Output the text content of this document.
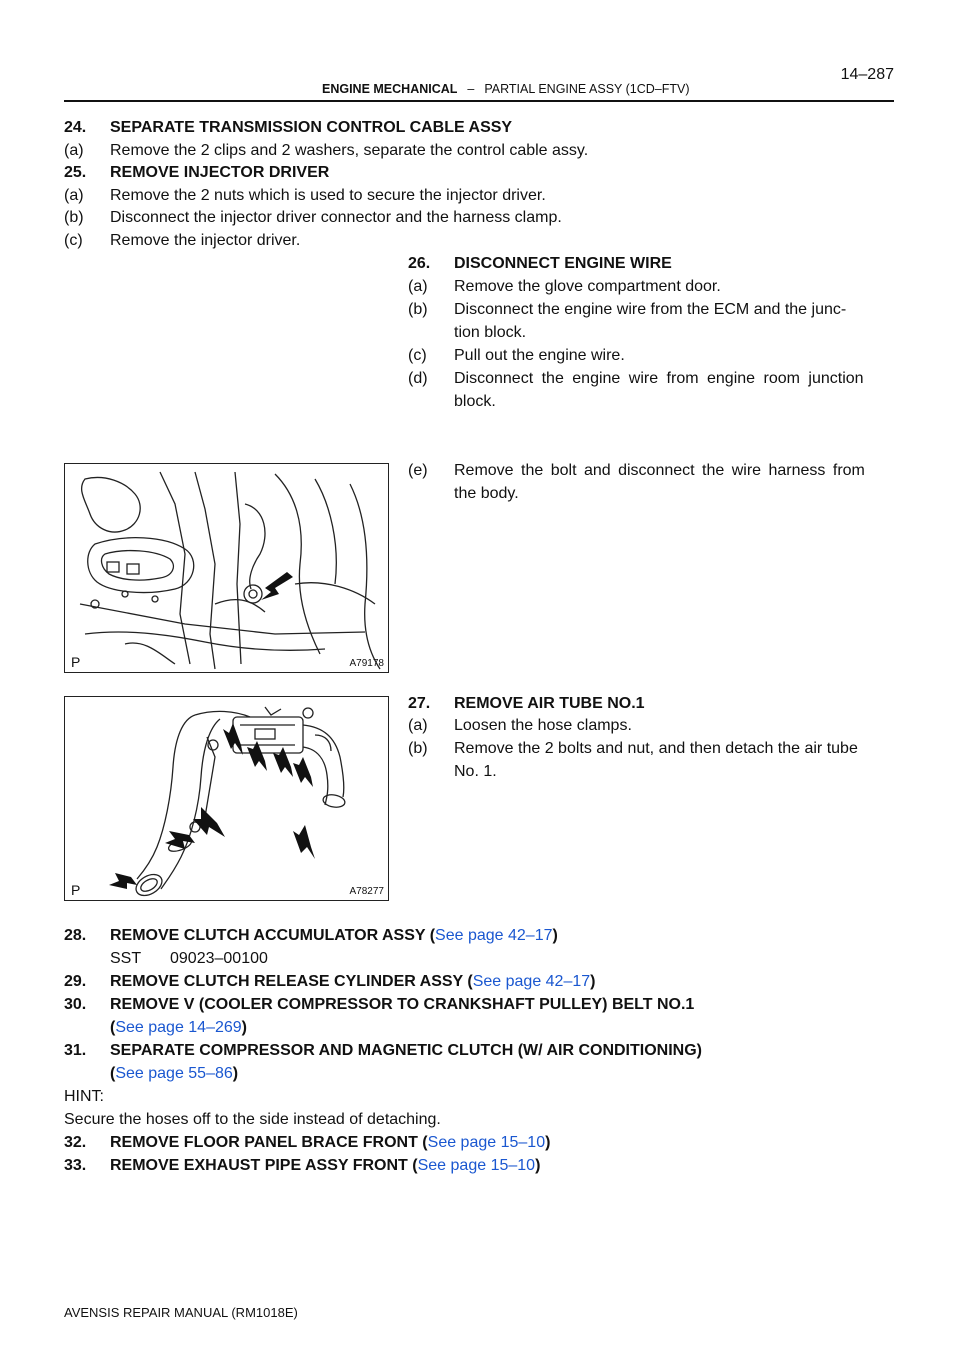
ENGINE MECHANICAL – PARTIAL ENGINE ASSY (1CD–FTV)
14–287
24. SEPARATE TRANSMISSION CONTROL CABLE ASSY
(a) Remove the 2 clips and 2 washers, separate the control cable assy.
25. REMOVE INJECTOR DRIVER
(a) Remove the 2 nuts which is used to secure the injector driver.
(b) Disconnect the injector driver connector and the harness clamp.
(c) Remove the injector driver.
26. DISCONNECT ENGINE WIRE
(a) Remove the glove compartment door.
(b)	Disconnect the engine wire from the ECM and the junc-
tion block.
(c) Pull out the engine wire.
(d) Disconnect the engine wire from engine room junction
block.
(e) Remove the bolt and disconnect the wire harness from
the body.
P	A79178
27. REMOVE AIR TUBE NO.1
(a) Loosen the hose clamps.
(b) Remove the 2 bolts and nut, and then detach the air tube
No. 1.
P	A78277
28. REMOVE CLUTCH ACCUMULATOR ASSY (See page 42–17)
SST 09023–00100
29. REMOVE CLUTCH RELEASE CYLINDER ASSY (See page 42–17)
30. REMOVE V (COOLER COMPRESSOR TO CRANKSHAFT PULLEY) BELT NO.1
(See page 14–269)
31. SEPARATE COMPRESSOR AND MAGNETIC CLUTCH (W/ AIR CONDITIONING)
(See page 55–86)
HINT:
Secure the hoses off to the side instead of detaching.
32. REMOVE FLOOR PANEL BRACE FRONT (See page 15–10)
33. REMOVE EXHAUST PIPE ASSY FRONT (See page 15–10)
AVENSIS REPAIR MANUAL (RM1018E)
